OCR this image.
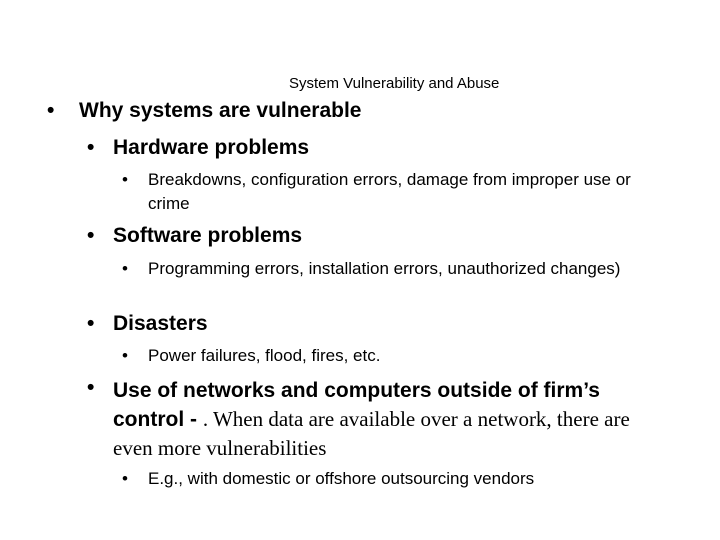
System Vulnerability and Abuse
• Why systems are vulnerable
• Hardware problems
• Breakdowns, configuration errors, damage from improper use or crime
• Software problems
• Programming errors, installation errors, unauthorized changes)
• Disasters
• Power failures, flood, fires, etc.
• Use of networks and computers outside of firm’s control - . When data are available over a network, there are even more vulnerabilities
• E.g., with domestic or offshore outsourcing vendors
